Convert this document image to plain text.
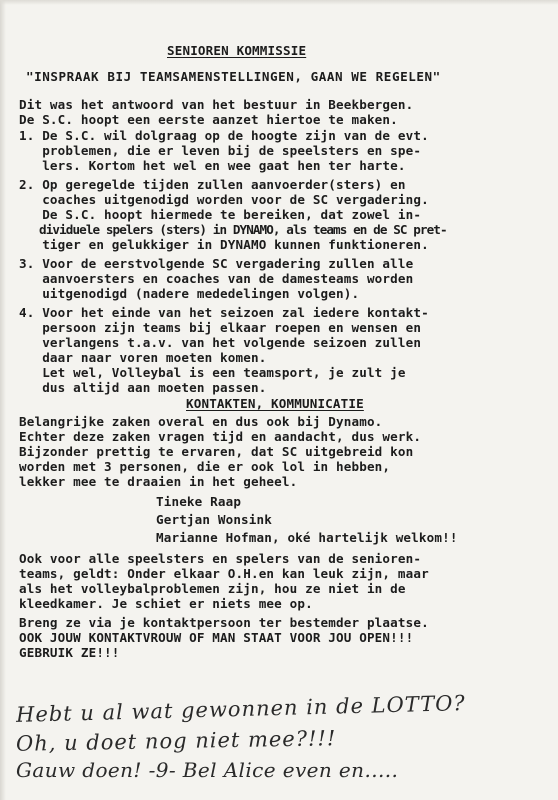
SENIOREN KOMMISSIE
"INSPRAAK BIJ TEAMSAMENSTELLINGEN, GAAN WE REGELEN"
Dit was het antwoord van het bestuur in Beekbergen.
De S.C. hoopt een eerste aanzet hiertoe te maken.
1. De S.C. wil dolgraag op de hoogte zijn van de evt.
problemen, die er leven bij de speelsters en spe-
lers. Kortom het wel en wee gaat hen ter harte.
2. Op geregelde tijden zullen aanvoerder(sters) en
coaches uitgenodigd worden voor de SC vergadering.
De S.C. hoopt hiermede te bereiken, dat zowel in-
dividuele spelers (sters) in DYNAMO, als teams en de SC pret-
tiger en gelukkiger in DYNAMO kunnen funktioneren.
3. Voor de eerstvolgende SC vergadering zullen alle
aanvoersters en coaches van de damesteams worden
uitgenodigd (nadere mededelingen volgen).
4. Voor het einde van het seizoen zal iedere kontakt-
persoon zijn teams bij elkaar roepen en wensen en
verlangens t.a.v. van het volgende seizoen zullen
daar naar voren moeten komen.
Let wel, Volleybal is een teamsport, je zult je
dus altijd aan moeten passen.
KONTAKTEN, KOMMUNICATIE
Belangrijke zaken overal en dus ook bij Dynamo.
Echter deze zaken vragen tijd en aandacht, dus werk.
Bijzonder prettig te ervaren, dat SC uitgebreid kon
worden met 3 personen, die er ook lol in hebben,
lekker mee te draaien in het geheel.
Tineke Raap
Gertjan Wonsink
Marianne Hofman, oké hartelijk welkom!!
Ook voor alle speelsters en spelers van de senioren-
teams, geldt: Onder elkaar O.H.en kan leuk zijn, maar
als het volleybalproblemen zijn, hou ze niet in de
kleedkamer. Je schiet er niets mee op.
Breng ze via je kontaktpersoon ter bestemder plaatse.
OOK JOUW KONTAKTVROUW OF MAN STAAT VOOR JOU OPEN!!!
GEBRUIK ZE!!!
Hebt u al wat gewonnen in de LOTTO?
Oh, u doet nog niet mee?!!!
Gauw doen! -9- Bel Alice even en.....
